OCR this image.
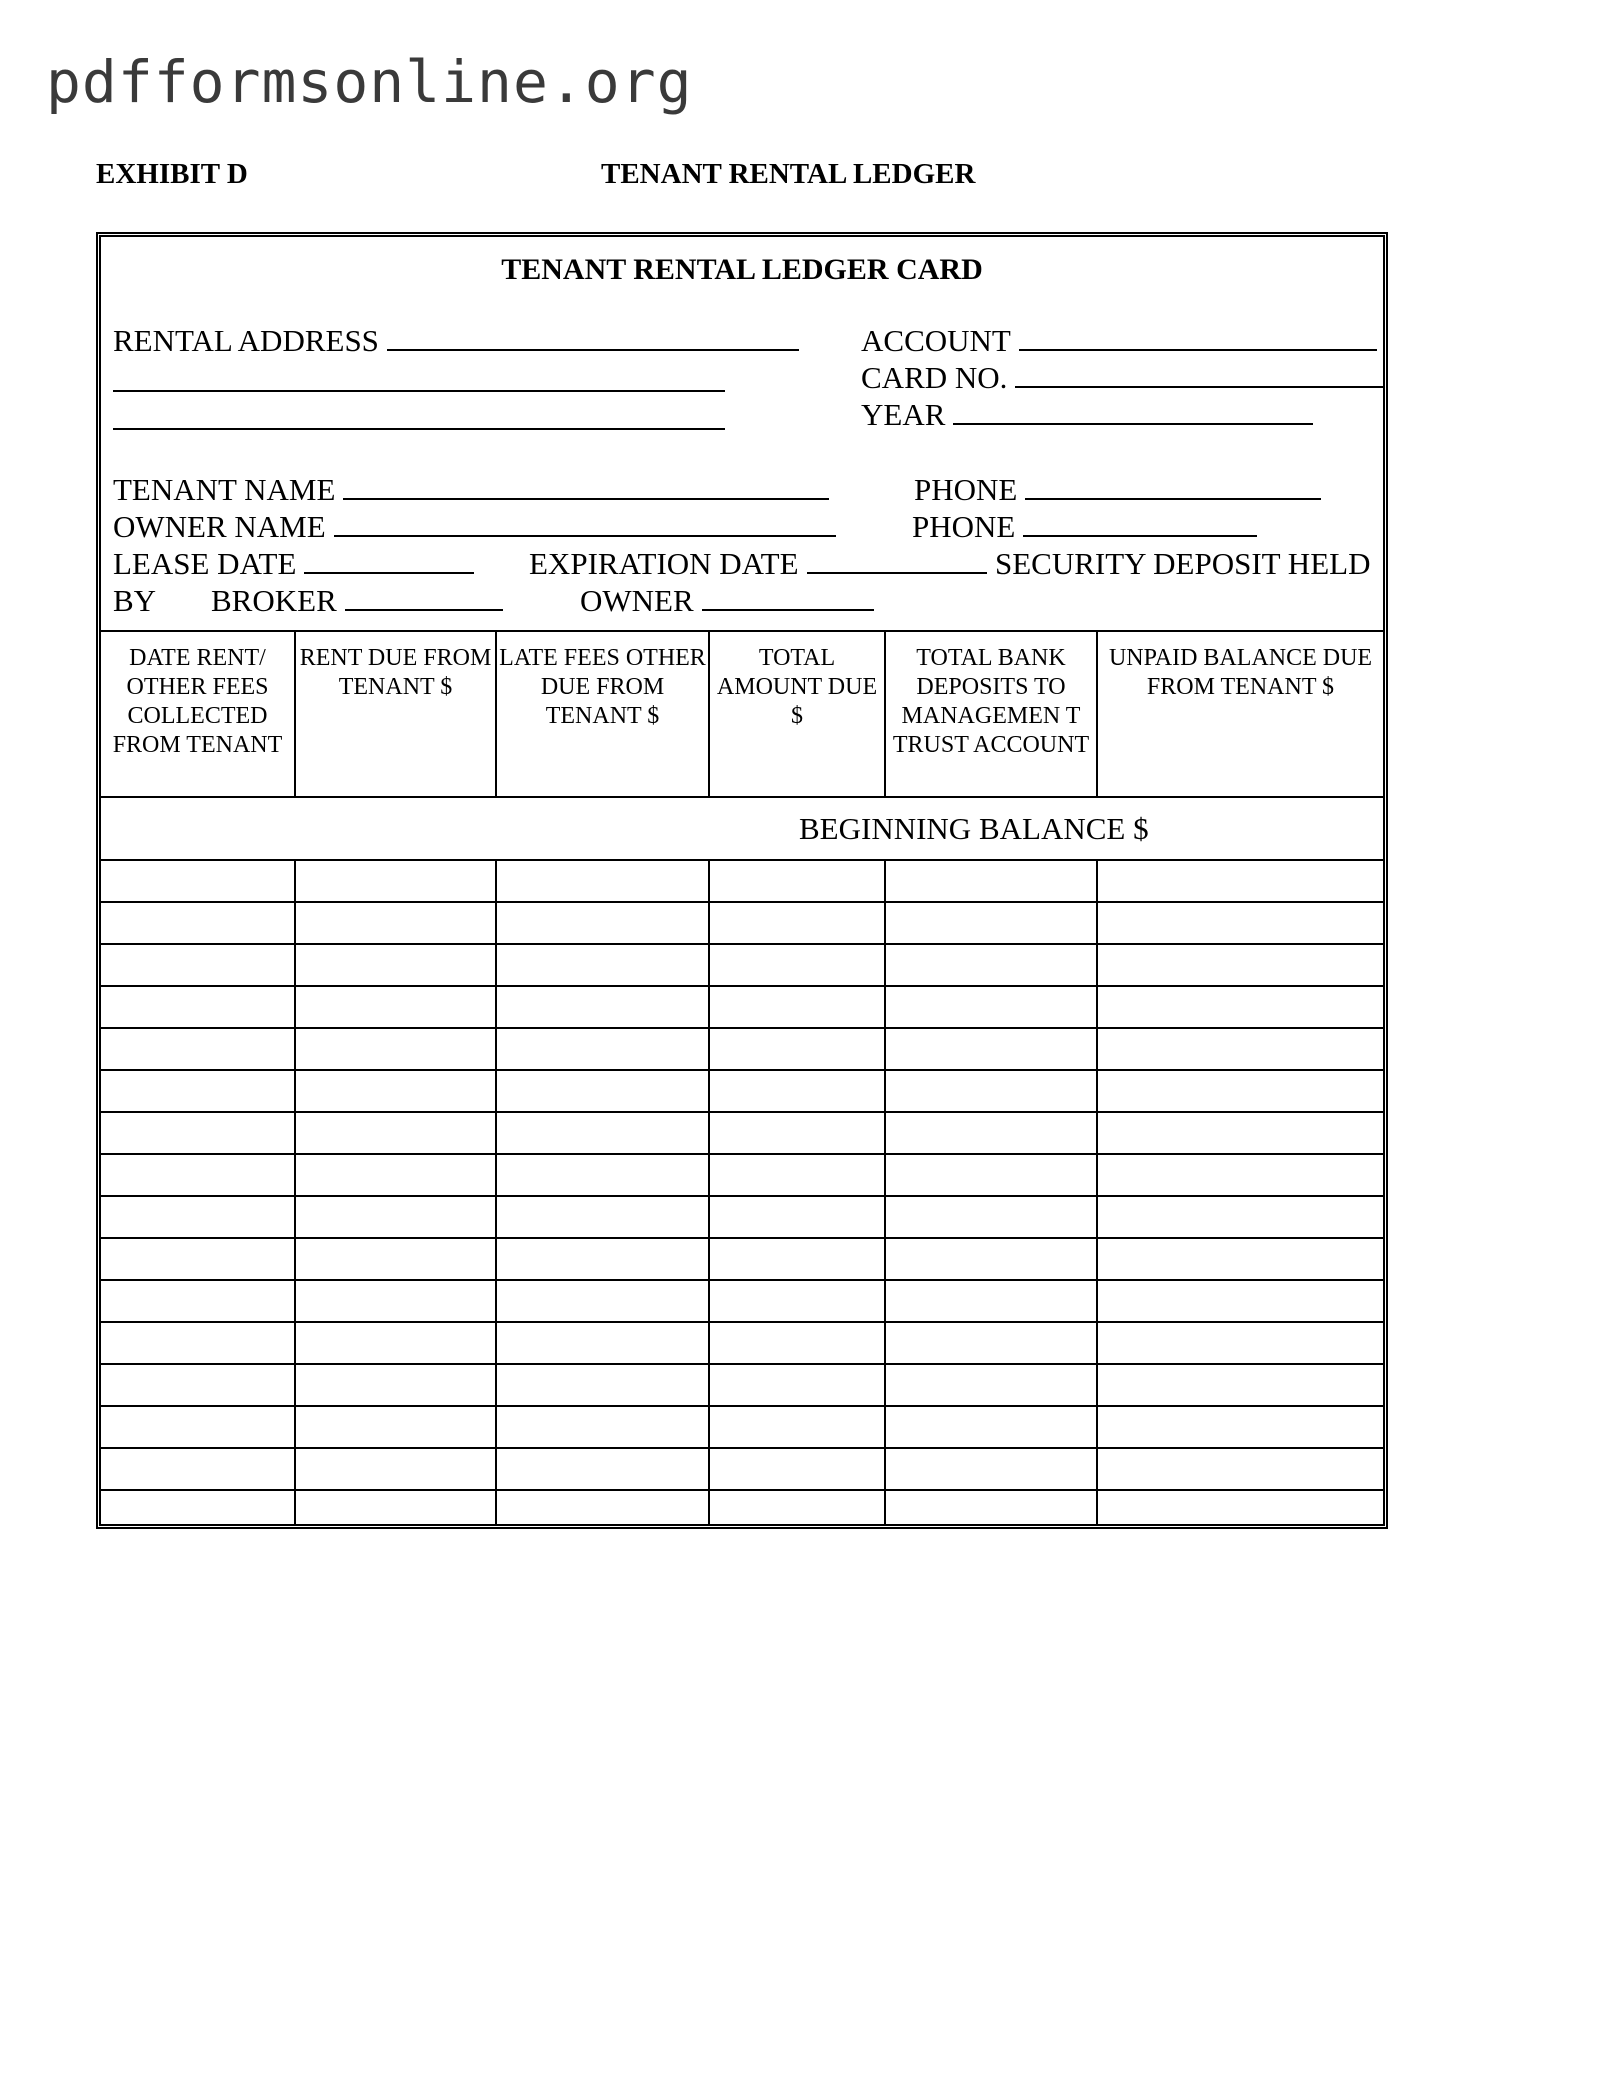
pdfformsonline.org
EXHIBIT D	TENANT RENTAL LEDGER
TENANT RENTAL LEDGER CARD
RENTAL ADDRESS	ACCOUNT
CARD NO.
YEAR
TENANT NAME	PHONE
OWNER NAME	PHONE
LEASE DATE	EXPIRATION DATE	SECURITY DEPOSIT HELD
BY BROKER	OWNER
DATE RENT/ OTHER FEES COLLECTED FROM TENANT	RENT DUE FROM TENANT $	LATE FEES OTHER DUE FROM TENANT $	TOTAL AMOUNT DUE $	TOTAL BANK DEPOSITS TO MANAGEMEN T TRUST ACCOUNT	UNPAID BALANCE DUE FROM TENANT $
BEGINNING BALANCE $					
